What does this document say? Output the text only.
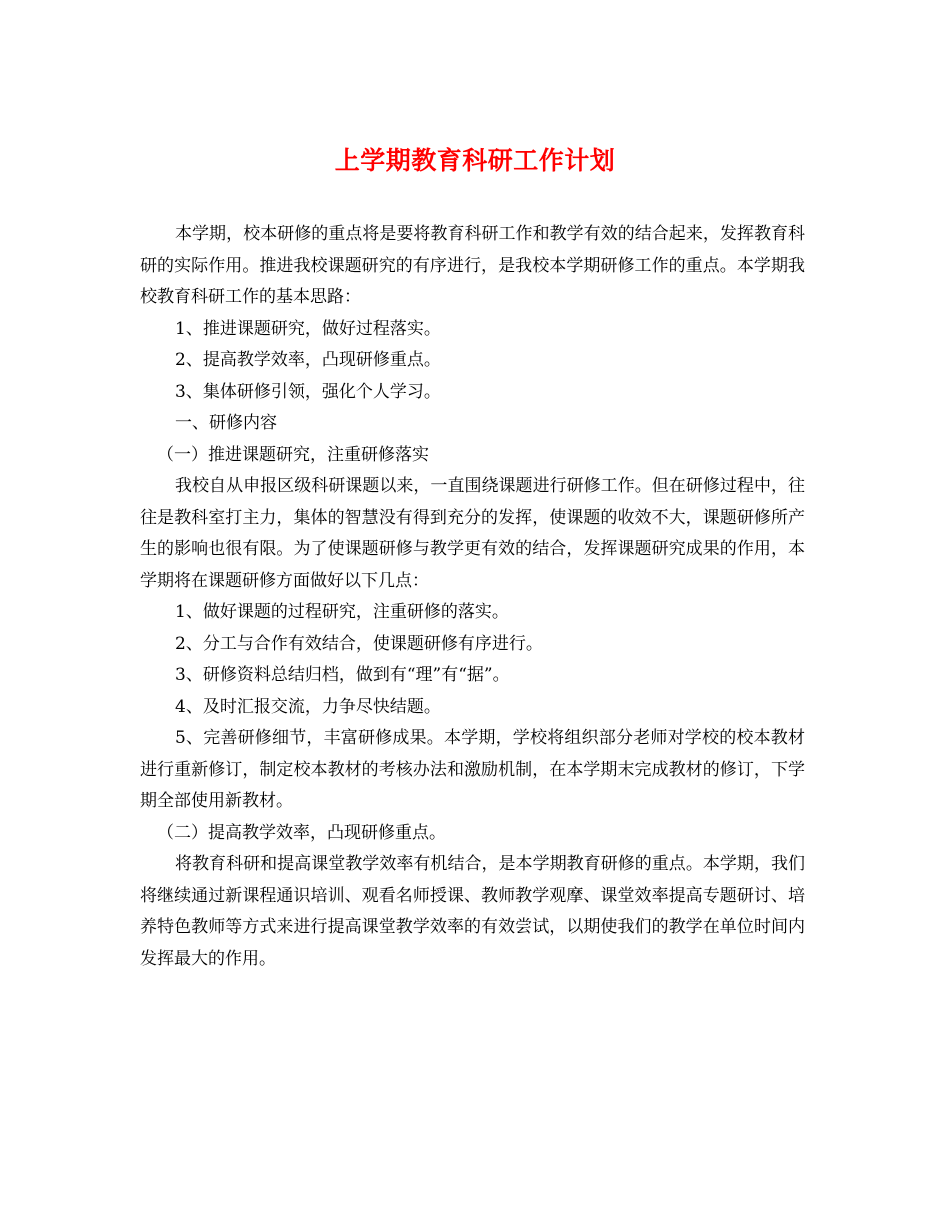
上学期教育科研工作计划

本学期，校本研修的重点将是要将教育科研工作和教学有效的结合起来，发挥教育科研的实际作用。推进我校课题研究的有序进行，是我校本学期研修工作的重点。本学期我校教育科研工作的基本思路：

1、推进课题研究，做好过程落实。

2、提高教学效率，凸现研修重点。

3、集体研修引领，强化个人学习。

一、研修内容

（一）推进课题研究，注重研修落实

我校自从申报区级科研课题以来，一直围绕课题进行研修工作。但在研修过程中，往往是教科室打主力，集体的智慧没有得到充分的发挥，使课题的收效不大，课题研修所产生的影响也很有限。为了使课题研修与教学更有效的结合，发挥课题研究成果的作用，本学期将在课题研修方面做好以下几点：

1、做好课题的过程研究，注重研修的落实。

2、分工与合作有效结合，使课题研修有序进行。

3、研修资料总结归档，做到有“理”有“据”。

4、及时汇报交流，力争尽快结题。

5、完善研修细节，丰富研修成果。本学期，学校将组织部分老师对学校的校本教材进行重新修订，制定校本教材的考核办法和激励机制，在本学期末完成教材的修订，下学期全部使用新教材。

（二）提高教学效率，凸现研修重点。

将教育科研和提高课堂教学效率有机结合，是本学期教育研修的重点。本学期，我们将继续通过新课程通识培训、观看名师授课、教师教学观摩、课堂效率提高专题研讨、培养特色教师等方式来进行提高课堂教学效率的有效尝试，以期使我们的教学在单位时间内发挥最大的作用。
